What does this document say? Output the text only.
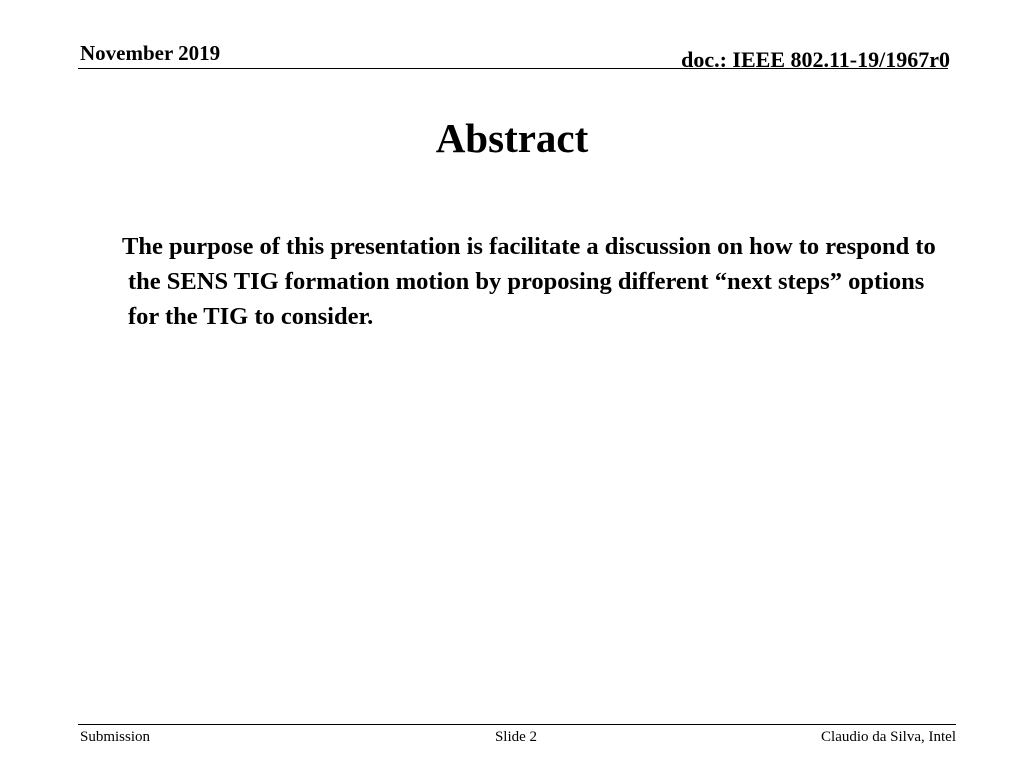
November 2019	doc.: IEEE 802.11-19/1967r0
Abstract
The purpose of this presentation is facilitate a discussion on how to respond to the SENS TIG formation motion by proposing different “next steps” options for the TIG to consider.
Submission	Slide 2	Claudio da Silva, Intel
